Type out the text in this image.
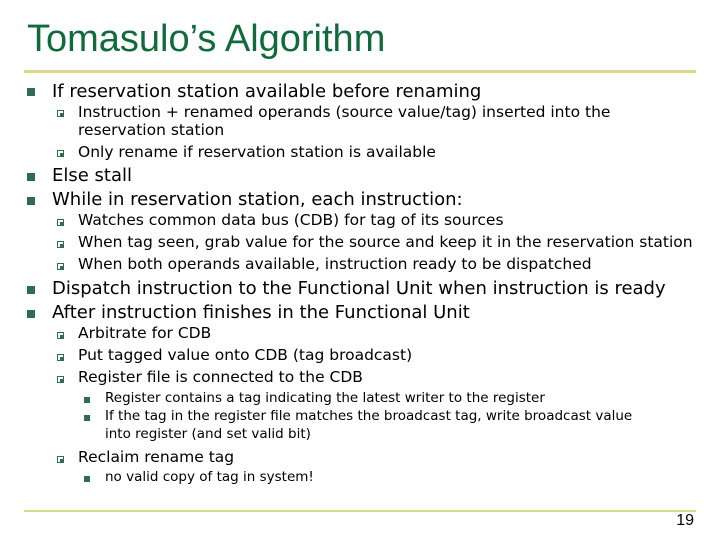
Tomasulo’s Algorithm
If reservation station available before renaming
Instruction + renamed operands (source value/tag) inserted into the
reservation station
Only rename if reservation station is available
Else stall
While in reservation station, each instruction:
Watches common data bus (CDB) for tag of its sources
When tag seen, grab value for the source and keep it in the reservation station
When both operands available, instruction ready to be dispatched
Dispatch instruction to the Functional Unit when instruction is ready
After instruction finishes in the Functional Unit
Arbitrate for CDB
Put tagged value onto CDB (tag broadcast)
Register file is connected to the CDB
Register contains a tag indicating the latest writer to the register
If the tag in the register file matches the broadcast tag, write broadcast value
into register (and set valid bit)
Reclaim rename tag
no valid copy of tag in system!
19
